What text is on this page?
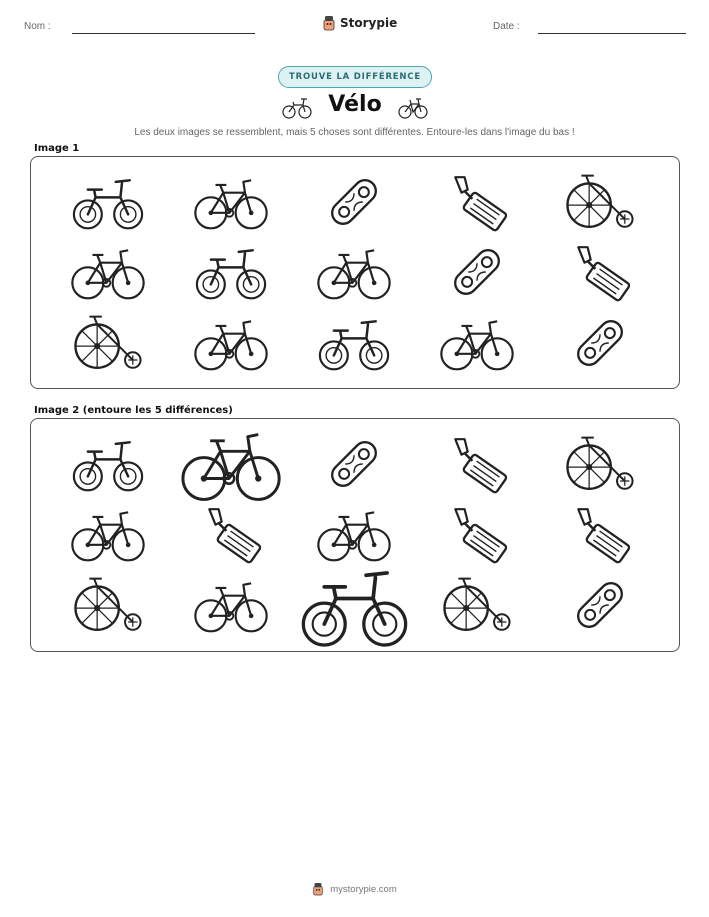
Nom :	Storypie	Date :
TROUVE LA DIFFÉRENCE
Vélo
Les deux images se ressemblent, mais 5 choses sont différentes. Entoure-les dans l'image du bas !
Image 1
Image 2 (entoure les 5 différences)
mystorypie.com
